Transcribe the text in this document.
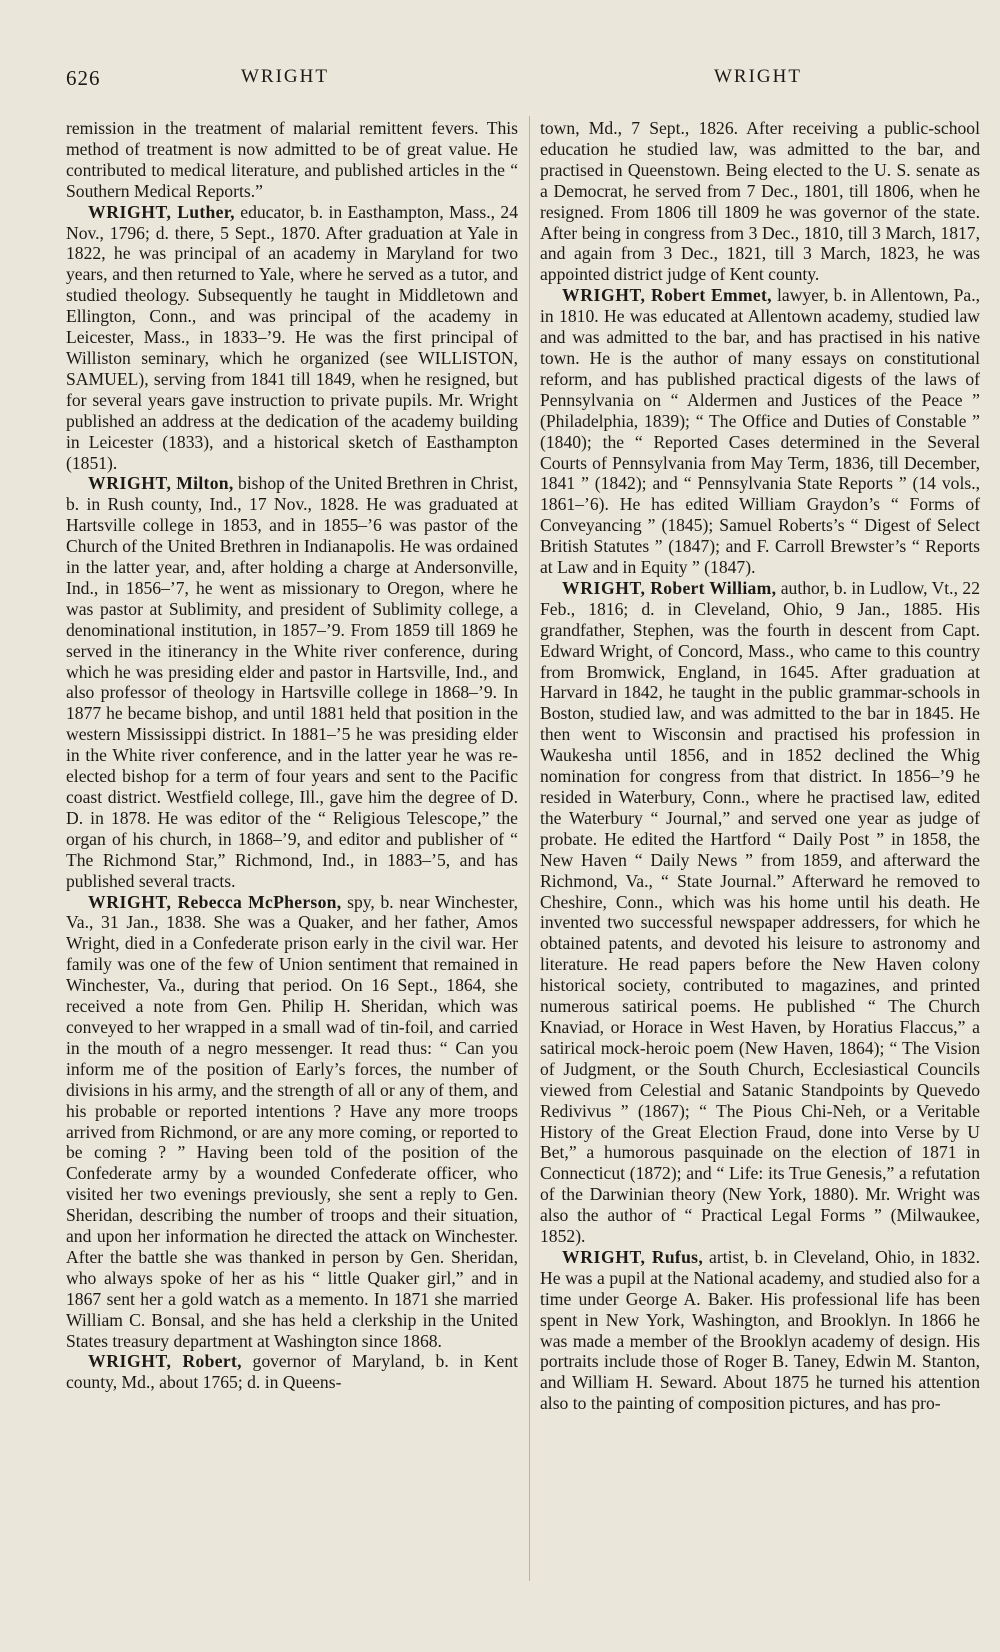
626	WRIGHT	WRIGHT

remission in the treatment of malarial remittent fevers. This method of treatment is now admitted to be of great value. He contributed to medical literature, and published articles in the “ Southern Medical Reports.”

WRIGHT, Luther, educator, b. in Easthampton, Mass., 24 Nov., 1796; d. there, 5 Sept., 1870. After graduation at Yale in 1822, he was principal of an academy in Maryland for two years, and then returned to Yale, where he served as a tutor, and studied theology. Subsequently he taught in Middletown and Ellington, Conn., and was principal of the academy in Leicester, Mass., in 1833–’9. He was the first principal of Williston seminary, which he organized (see WILLISTON, SAMUEL), serving from 1841 till 1849, when he resigned, but for several years gave instruction to private pupils. Mr. Wright published an address at the dedication of the academy building in Leicester (1833), and a historical sketch of Easthampton (1851).

WRIGHT, Milton, bishop of the United Brethren in Christ, b. in Rush county, Ind., 17 Nov., 1828. He was graduated at Hartsville college in 1853, and in 1855–’6 was pastor of the Church of the United Brethren in Indianapolis. He was ordained in the latter year, and, after holding a charge at Andersonville, Ind., in 1856–’7, he went as missionary to Oregon, where he was pastor at Sublimity, and president of Sublimity college, a denominational institution, in 1857–’9. From 1859 till 1869 he served in the itinerancy in the White river conference, during which he was presiding elder and pastor in Hartsville, Ind., and also professor of theology in Hartsville college in 1868–’9. In 1877 he became bishop, and until 1881 held that position in the western Mississippi district. In 1881–’5 he was presiding elder in the White river conference, and in the latter year he was re-elected bishop for a term of four years and sent to the Pacific coast district. Westfield college, Ill., gave him the degree of D. D. in 1878. He was editor of the “ Religious Telescope,” the organ of his church, in 1868–’9, and editor and publisher of “ The Richmond Star,” Richmond, Ind., in 1883–’5, and has published several tracts.

WRIGHT, Rebecca McPherson, spy, b. near Winchester, Va., 31 Jan., 1838. She was a Quaker, and her father, Amos Wright, died in a Confederate prison early in the civil war. Her family was one of the few of Union sentiment that remained in Winchester, Va., during that period. On 16 Sept., 1864, she received a note from Gen. Philip H. Sheridan, which was conveyed to her wrapped in a small wad of tin-foil, and carried in the mouth of a negro messenger. It read thus: “ Can you inform me of the position of Early’s forces, the number of divisions in his army, and the strength of all or any of them, and his probable or reported intentions ? Have any more troops arrived from Richmond, or are any more coming, or reported to be coming ? ” Having been told of the position of the Confederate army by a wounded Confederate officer, who visited her two evenings previously, she sent a reply to Gen. Sheridan, describing the number of troops and their situation, and upon her information he directed the attack on Winchester. After the battle she was thanked in person by Gen. Sheridan, who always spoke of her as his “ little Quaker girl,” and in 1867 sent her a gold watch as a memento. In 1871 she married William C. Bonsal, and she has held a clerkship in the United States treasury department at Washington since 1868.

WRIGHT, Robert, governor of Maryland, b. in Kent county, Md., about 1765; d. in Queens-

town, Md., 7 Sept., 1826. After receiving a public-school education he studied law, was admitted to the bar, and practised in Queenstown. Being elected to the U. S. senate as a Democrat, he served from 7 Dec., 1801, till 1806, when he resigned. From 1806 till 1809 he was governor of the state. After being in congress from 3 Dec., 1810, till 3 March, 1817, and again from 3 Dec., 1821, till 3 March, 1823, he was appointed district judge of Kent county.

WRIGHT, Robert Emmet, lawyer, b. in Allentown, Pa., in 1810. He was educated at Allentown academy, studied law and was admitted to the bar, and has practised in his native town. He is the author of many essays on constitutional reform, and has published practical digests of the laws of Pennsylvania on “ Aldermen and Justices of the Peace ” (Philadelphia, 1839); “ The Office and Duties of Constable ” (1840); the “ Reported Cases determined in the Several Courts of Pennsylvania from May Term, 1836, till December, 1841 ” (1842); and “ Pennsylvania State Reports ” (14 vols., 1861–’6). He has edited William Graydon’s “ Forms of Conveyancing ” (1845); Samuel Roberts’s “ Digest of Select British Statutes ” (1847); and F. Carroll Brewster’s “ Reports at Law and in Equity ” (1847).

WRIGHT, Robert William, author, b. in Ludlow, Vt., 22 Feb., 1816; d. in Cleveland, Ohio, 9 Jan., 1885. His grandfather, Stephen, was the fourth in descent from Capt. Edward Wright, of Concord, Mass., who came to this country from Bromwick, England, in 1645. After graduation at Harvard in 1842, he taught in the public grammar-schools in Boston, studied law, and was admitted to the bar in 1845. He then went to Wisconsin and practised his profession in Waukesha until 1856, and in 1852 declined the Whig nomination for congress from that district. In 1856–’9 he resided in Waterbury, Conn., where he practised law, edited the Waterbury “ Journal,” and served one year as judge of probate. He edited the Hartford “ Daily Post ” in 1858, the New Haven “ Daily News ” from 1859, and afterward the Richmond, Va., “ State Journal.” Afterward he removed to Cheshire, Conn., which was his home until his death. He invented two successful newspaper addressers, for which he obtained patents, and devoted his leisure to astronomy and literature. He read papers before the New Haven colony historical society, contributed to magazines, and printed numerous satirical poems. He published “ The Church Knaviad, or Horace in West Haven, by Horatius Flaccus,” a satirical mock-heroic poem (New Haven, 1864); “ The Vision of Judgment, or the South Church, Ecclesiastical Councils viewed from Celestial and Satanic Standpoints by Quevedo Redivivus ” (1867); “ The Pious Chi-Neh, or a Veritable History of the Great Election Fraud, done into Verse by U Bet,” a humorous pasquinade on the election of 1871 in Connecticut (1872); and “ Life: its True Genesis,” a refutation of the Darwinian theory (New York, 1880). Mr. Wright was also the author of “ Practical Legal Forms ” (Milwaukee, 1852).

WRIGHT, Rufus, artist, b. in Cleveland, Ohio, in 1832. He was a pupil at the National academy, and studied also for a time under George A. Baker. His professional life has been spent in New York, Washington, and Brooklyn. In 1866 he was made a member of the Brooklyn academy of design. His portraits include those of Roger B. Taney, Edwin M. Stanton, and William H. Seward. About 1875 he turned his attention also to the painting of composition pictures, and has pro-
